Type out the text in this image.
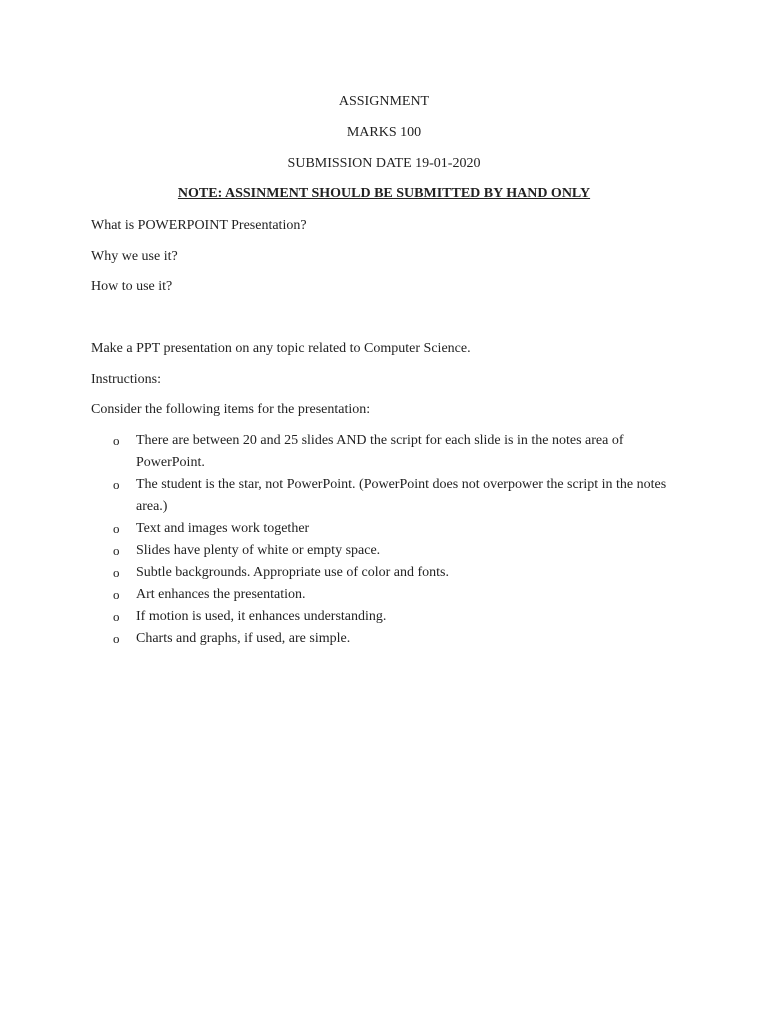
ASSIGNMENT
MARKS 100
SUBMISSION DATE 19-01-2020
NOTE: ASSINMENT SHOULD BE SUBMITTED BY HAND ONLY
What is POWERPOINT Presentation?
Why we use it?
How to use it?
Make a PPT presentation on any topic related to Computer Science.
Instructions:
Consider the following items for the presentation:
o There are between 20 and 25 slides AND the script for each slide is in the notes area of PowerPoint.
o The student is the star, not PowerPoint. (PowerPoint does not overpower the script in the notes area.)
o Text and images work together
o Slides have plenty of white or empty space.
o Subtle backgrounds. Appropriate use of color and fonts.
o Art enhances the presentation.
o If motion is used, it enhances understanding.
o Charts and graphs, if used, are simple.
